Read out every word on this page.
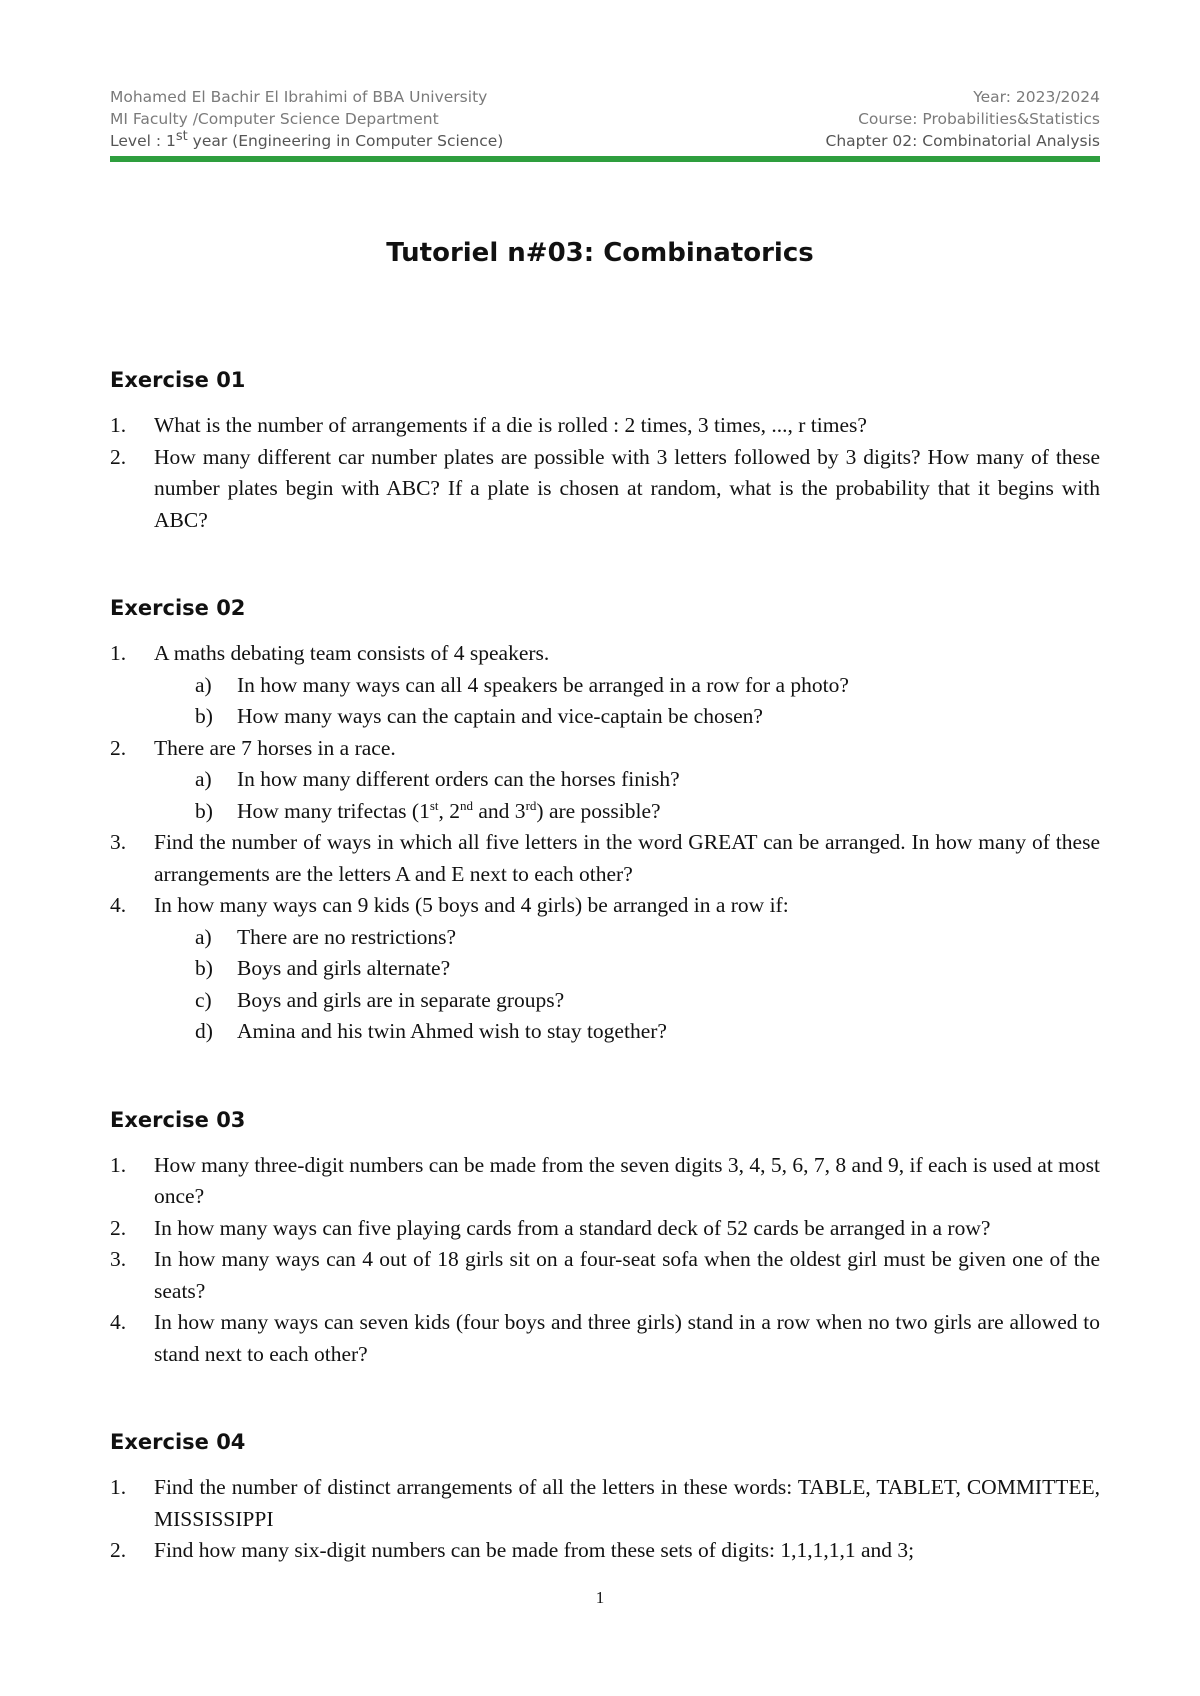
Mohamed El Bachir El Ibrahimi of BBA University	Year: 2023/2024
MI Faculty /Computer Science Department	Course: Probabilities&Statistics
Level : 1st year (Engineering in Computer Science)	Chapter 02: Combinatorial Analysis
Tutoriel n#03: Combinatorics
Exercise 01
1.	What is the number of arrangements if a die is rolled : 2 times, 3 times, ..., r times?
2.	How many different car number plates are possible with 3 letters followed by 3 digits? How many of these number plates begin with ABC? If a plate is chosen at random, what is the probability that it begins with ABC?
Exercise 02
1.	A maths debating team consists of 4 speakers.
a)	In how many ways can all 4 speakers be arranged in a row for a photo?
b)	How many ways can the captain and vice-captain be chosen?
2.	There are 7 horses in a race.
a)	In how many different orders can the horses finish?
b)	How many trifectas (1st, 2nd and 3rd) are possible?
3.	Find the number of ways in which all five letters in the word GREAT can be arranged. In how many of these arrangements are the letters A and E next to each other?
4.	In how many ways can 9 kids (5 boys and 4 girls) be arranged in a row if:
a)	There are no restrictions?
b)	Boys and girls alternate?
c)	Boys and girls are in separate groups?
d)	Amina and his twin Ahmed wish to stay together?
Exercise 03
1.	How many three-digit numbers can be made from the seven digits 3, 4, 5, 6, 7, 8 and 9, if each is used at most once?
2.	In how many ways can five playing cards from a standard deck of 52 cards be arranged in a row?
3.	In how many ways can 4 out of 18 girls sit on a four-seat sofa when the oldest girl must be given one of the seats?
4.	In how many ways can seven kids (four boys and three girls) stand in a row when no two girls are allowed to stand next to each other?
Exercise 04
1.	Find the number of distinct arrangements of all the letters in these words: TABLE, TABLET, COMMITTEE, MISSISSIPPI
2.	Find how many six-digit numbers can be made from these sets of digits: 1,1,1,1,1 and 3;
1
